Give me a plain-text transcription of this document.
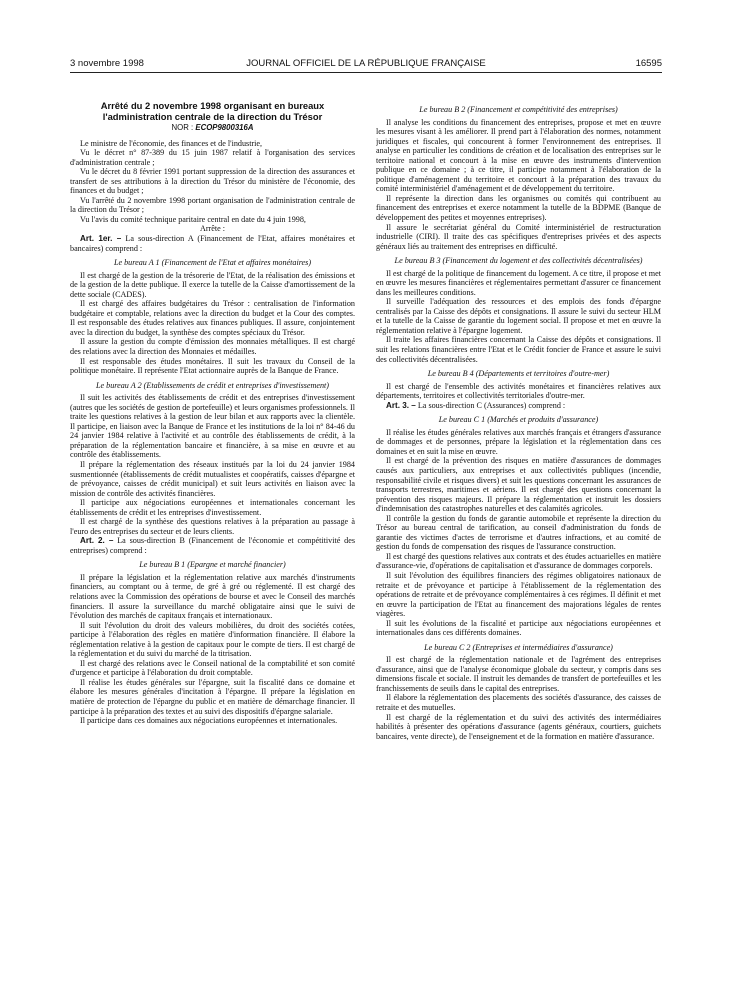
3 novembre 1998	JOURNAL OFFICIEL DE LA RÉPUBLIQUE FRANÇAISE	16595

Arrêté du 2 novembre 1998 organisant en bureaux

l'administration centrale de la direction du Trésor

NOR : ECOP9800316A

Le ministre de l'économie, des finances et de l'industrie,

Vu le décret n° 87-389 du 15 juin 1987 relatif à l'organisation des services d'administration centrale ;

Vu le décret du 8 février 1991 portant suppression de la direction des assurances et transfert de ses attributions à la direction du Trésor du ministère de l'économie, des finances et du budget ;

Vu l'arrêté du 2 novembre 1998 portant organisation de l'administration centrale de la direction du Trésor ;

Vu l'avis du comité technique paritaire central en date du 4 juin 1998,

Arrête :

Art. 1er. – La sous-direction A (Financement de l'Etat, affaires monétaires et bancaires) comprend :

Le bureau A 1 (Financement de l'Etat et affaires monétaires)

Il est chargé de la gestion de la trésorerie de l'Etat, de la réalisation des émissions et de la gestion de la dette publique. Il exerce la tutelle de la Caisse d'amortissement de la dette sociale (CADES).

Il est chargé des affaires budgétaires du Trésor : centralisation de l'information budgétaire et comptable, relations avec la direction du budget et la Cour des comptes. Il est responsable des études relatives aux finances publiques. Il assure, conjointement avec la direction du budget, la synthèse des comptes spéciaux du Trésor.

Il assure la gestion du compte d'émission des monnaies métalliques. Il est chargé des relations avec la direction des Monnaies et médailles.

Il est responsable des études monétaires. Il suit les travaux du Conseil de la politique monétaire. Il représente l'Etat actionnaire auprès de la Banque de France.

Le bureau A 2 (Etablissements de crédit et entreprises d'investissement)

Il suit les activités des établissements de crédit et des entreprises d'investissement (autres que les sociétés de gestion de portefeuille) et leurs organismes professionnels. Il traite les questions relatives à la gestion de leur bilan et aux rapports avec la clientèle. Il participe, en liaison avec la Banque de France et les institutions de la loi n° 84-46 du 24 janvier 1984 relative à l'activité et au contrôle des établissements de crédit, à la préparation de la réglementation bancaire et financière, à sa mise en œuvre et au contrôle des établissements.

Il prépare la réglementation des réseaux institués par la loi du 24 janvier 1984 susmentionnée (établissements de crédit mutualistes et coopératifs, caisses d'épargne et de prévoyance, caisses de crédit municipal) et suit leurs activités en liaison avec la mission de contrôle des activités financières.

Il participe aux négociations européennes et internationales concernant les établissements de crédit et les entreprises d'investissement.

Il est chargé de la synthèse des questions relatives à la préparation au passage à l'euro des entreprises du secteur et de leurs clients.

Art. 2. – La sous-direction B (Financement de l'économie et compétitivité des entreprises) comprend :

Le bureau B 1 (Epargne et marché financier)

Il prépare la législation et la réglementation relative aux marchés d'instruments financiers, au comptant ou à terme, de gré à gré ou réglementé. Il est chargé des relations avec la Commission des opérations de bourse et avec le Conseil des marchés financiers. Il assure la surveillance du marché obligataire ainsi que le suivi de l'évolution des marchés de capitaux français et internationaux.

Il suit l'évolution du droit des valeurs mobilières, du droit des sociétés cotées, participe à l'élaboration des règles en matière d'information financière. Il élabore la réglementation relative à la gestion de capitaux pour le compte de tiers. Il est chargé de la réglementation et du suivi du marché de la titrisation.

Il est chargé des relations avec le Conseil national de la comptabilité et son comité d'urgence et participe à l'élaboration du droit comptable.

Il réalise les études générales sur l'épargne, suit la fiscalité dans ce domaine et élabore les mesures générales d'incitation à l'épargne. Il prépare la législation en matière de protection de l'épargne du public et en matière de démarchage financier. Il participe à la préparation des textes et au suivi des dispositifs d'épargne salariale.

Il participe dans ces domaines aux négociations européennes et internationales.

Le bureau B 2 (Financement et compétitivité des entreprises)

Il analyse les conditions du financement des entreprises, propose et met en œuvre les mesures visant à les améliorer. Il prend part à l'élaboration des normes, notamment juridiques et fiscales, qui concourent à former l'environnement des entreprises. Il analyse en particulier les conditions de création et de localisation des entreprises sur le territoire national et concourt à la mise en œuvre des instruments d'intervention publique en ce domaine ; à ce titre, il participe notamment à l'élaboration de la politique d'aménagement du territoire et concourt à la préparation des travaux du comité interministériel d'aménagement et de développement du territoire.

Il représente la direction dans les organismes ou comités qui contribuent au financement des entreprises et exerce notamment la tutelle de la BDPME (Banque de développement des petites et moyennes entreprises).

Il assure le secrétariat général du Comité interministériel de restructuration industrielle (CIRI). Il traite des cas spécifiques d'entreprises privées et des aspects généraux liés au traitement des entreprises en difficulté.

Le bureau B 3 (Financement du logement et des collectivités décentralisées)

Il est chargé de la politique de financement du logement. A ce titre, il propose et met en œuvre les mesures financières et réglementaires permettant d'assurer ce financement dans les meilleures conditions.

Il surveille l'adéquation des ressources et des emplois des fonds d'épargne centralisés par la Caisse des dépôts et consignations. Il assure le suivi du secteur HLM et la tutelle de la Caisse de garantie du logement social. Il propose et met en œuvre la réglementation relative à l'épargne logement.

Il traite les affaires financières concernant la Caisse des dépôts et consignations. Il suit les relations financières entre l'Etat et le Crédit foncier de France et assure le suivi des collectivités décentralisées.

Le bureau B 4 (Départements et territoires d'outre-mer)

Il est chargé de l'ensemble des activités monétaires et financières relatives aux départements, territoires et collectivités territoriales d'outre-mer.

Art. 3. – La sous-direction C (Assurances) comprend :

Le bureau C 1 (Marchés et produits d'assurance)

Il réalise les études générales relatives aux marchés français et étrangers d'assurance de dommages et de personnes, prépare la législation et la réglementation dans ces domaines et en suit la mise en œuvre.

Il est chargé de la prévention des risques en matière d'assurances de dommages causés aux particuliers, aux entreprises et aux collectivités publiques (incendie, responsabilité civile et risques divers) et suit les questions concernant les assurances de transports terrestres, maritimes et aériens. Il est chargé des questions concernant la prévention des risques majeurs. Il prépare la réglementation et instruit les dossiers d'indemnisation des catastrophes naturelles et des calamités agricoles.

Il contrôle la gestion du fonds de garantie automobile et représente la direction du Trésor au bureau central de tarification, au conseil d'administration du fonds de garantie des victimes d'actes de terrorisme et d'autres infractions, et au comité de gestion du fonds de compensation des risques de l'assurance construction.

Il est chargé des questions relatives aux contrats et des études actuarielles en matière d'assurance-vie, d'opérations de capitalisation et d'assurance de dommages corporels.

Il suit l'évolution des équilibres financiers des régimes obligatoires nationaux de retraite et de prévoyance et participe à l'établissement de la réglementation des opérations de retraite et de prévoyance complémentaires à ces régimes. Il définit et met en œuvre la participation de l'Etat au financement des majorations légales de rentes viagères.

Il suit les évolutions de la fiscalité et participe aux négociations européennes et internationales dans ces différents domaines.

Le bureau C 2 (Entreprises et intermédiaires d'assurance)

Il est chargé de la réglementation nationale et de l'agrément des entreprises d'assurance, ainsi que de l'analyse économique globale du secteur, y compris dans ses dimensions fiscale et sociale. Il instruit les demandes de transfert de portefeuilles et les franchissements de seuils dans le capital des entreprises.

Il élabore la réglementation des placements des sociétés d'assurance, des caisses de retraite et des mutuelles.

Il est chargé de la réglementation et du suivi des activités des intermédiaires habilités à présenter des opérations d'assurance (agents généraux, courtiers, guichets bancaires, vente directe), de l'enseignement et de la formation en matière d'assurance.
